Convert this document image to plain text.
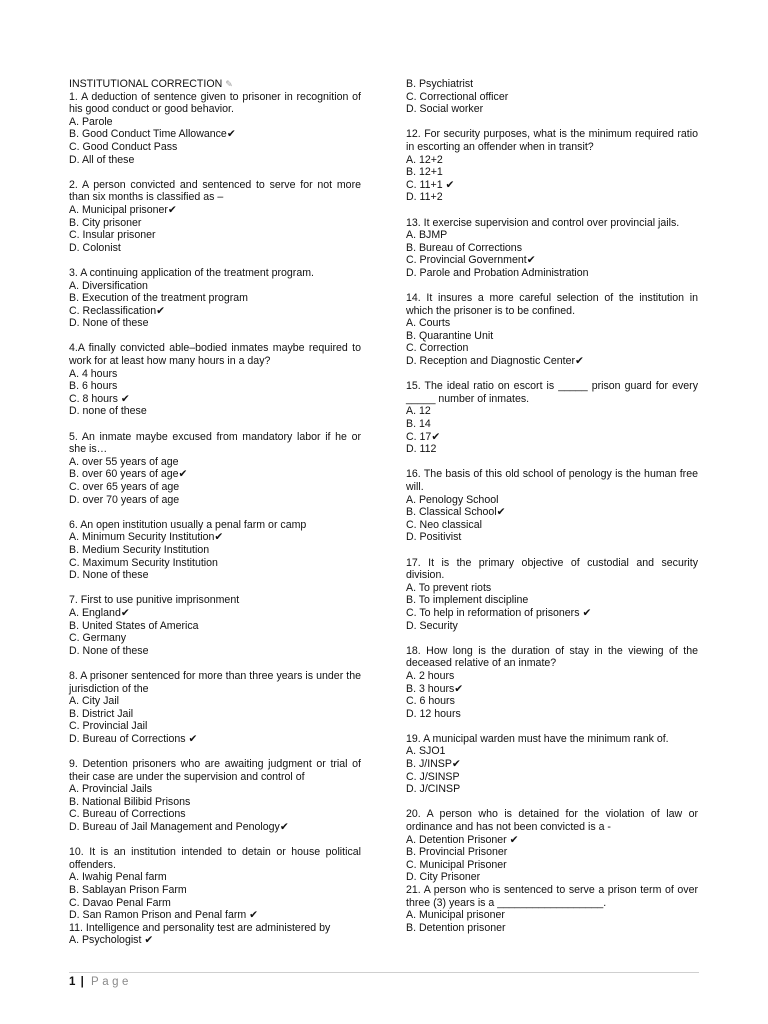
INSTITUTIONAL CORRECTION ✎
1. A deduction of sentence given to prisoner in recognition of his good conduct or good behavior.
A. Parole
B. Good Conduct Time Allowance✔
C. Good Conduct Pass
D. All of these
2. A person convicted and sentenced to serve for not more than six months is classified as –
A. Municipal prisoner✔
B. City prisoner
C. Insular prisoner
D. Colonist
3. A continuing application of the treatment program.
A. Diversification
B. Execution of the treatment program
C. Reclassification✔
D. None of these
4.A finally convicted able–bodied inmates maybe required to work for at least how many hours in a day?
A. 4 hours
B. 6 hours
C. 8 hours ✔
D. none of these
5. An inmate maybe excused from mandatory labor if he or she is…
A. over 55 years of age
B. over 60 years of age✔
C. over 65 years of age
D. over 70 years of age
6. An open institution usually a penal farm or camp
A. Minimum Security Institution✔
B. Medium Security Institution
C. Maximum Security Institution
D. None of these
7. First to use punitive imprisonment
A. England✔
B. United States of America
C. Germany
D. None of these
8. A prisoner sentenced for more than three years is under the jurisdiction of the
A. City Jail
B. District Jail
C. Provincial Jail
D. Bureau of Corrections ✔
9. Detention prisoners who are awaiting judgment or trial of their case are under the supervision and control of
A. Provincial Jails
B. National Bilibid Prisons
C. Bureau of Corrections
D. Bureau of Jail Management and Penology✔
10. It is an institution intended to detain or house political offenders.
A. Iwahig Penal farm
B. Sablayan Prison Farm
C. Davao Penal Farm
D. San Ramon Prison and Penal farm ✔
11. Intelligence and personality test are administered by
A. Psychologist ✔
B. Psychiatrist
C. Correctional officer
D. Social worker
12. For security purposes, what is the minimum required ratio in escorting an offender when in transit?
A. 12+2
B. 12+1
C. 11+1 ✔
D. 11+2
13. It exercise supervision and control over provincial jails.
A. BJMP
B. Bureau of Corrections
C. Provincial Government✔
D. Parole and Probation Administration
14. It insures a more careful selection of the institution in which the prisoner is to be confined.
A. Courts
B. Quarantine Unit
C. Correction
D. Reception and Diagnostic Center✔
15. The ideal ratio on escort is _____ prison guard for every _____ number of inmates.
A. 12
B. 14
C. 17✔
D. 112
16. The basis of this old school of penology is the human free will.
A. Penology School
B. Classical School✔
C. Neo classical
D. Positivist
17. It is the primary objective of custodial and security division.
A. To prevent riots
B. To implement discipline
C. To help in reformation of prisoners ✔
D. Security
18. How long is the duration of stay in the viewing of the deceased relative of an inmate?
A. 2 hours
B. 3 hours✔
C. 6 hours
D. 12 hours
19. A municipal warden must have the minimum rank of.
A. SJO1
B. J/INSP✔
C. J/SINSP
D. J/CINSP
20. A person who is detained for the violation of law or ordinance and has not been convicted is a -
A. Detention Prisoner ✔
B. Provincial Prisoner
C. Municipal Prisoner
D. City Prisoner
21. A person who is sentenced to serve a prison term of over three (3) years is a __________________.
A. Municipal prisoner
B. Detention prisoner
1 | Page
